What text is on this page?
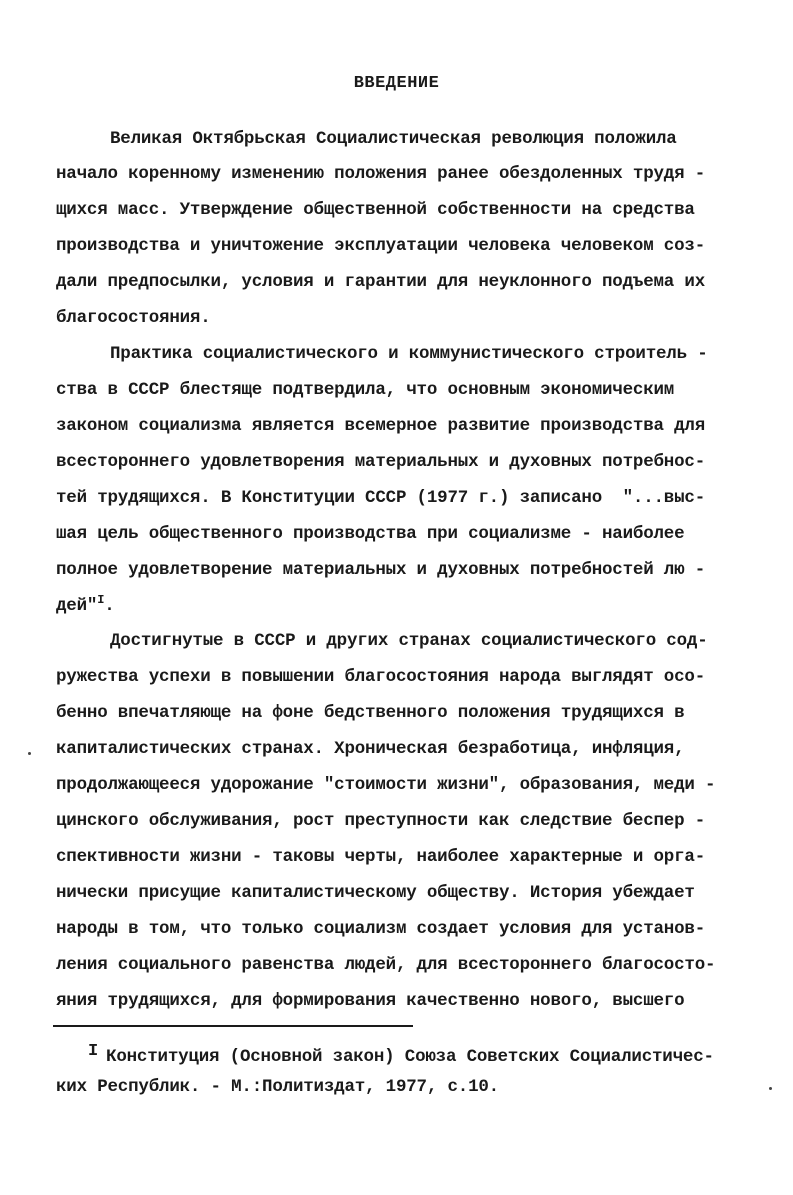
ВВЕДЕНИЕ
Великая Октябрьская Социалистическая революция положила
начало коренному изменению положения ранее обездоленных трудя -
щихся масс. Утверждение общественной собственности на средства
производства и уничтожение эксплуатации человека человеком соз-
дали предпосылки, условия и гарантии для неуклонного подъема их
благосостояния.
Практика социалистического и коммунистического строитель -
ства в СССР блестяще подтвердила, что основным экономическим
законом социализма является всемерное развитие производства для
всестороннего удовлетворения материальных и духовных потребнос-
тей трудящихся. В Конституции СССР (1977 г.) записано  "...выс-
шая цель общественного производства при социализме - наиболее
полное удовлетворение материальных и духовных потребностей лю -
дей"$^I$.
Достигнутые в СССР и других странах социалистического сод-
ружества успехи в повышении благосостояния народа выглядят осо-
бенно впечатляюще на фоне бедственного положения трудящихся в
капиталистических странах. Хроническая безработица, инфляция,
продолжающееся удорожание "стоимости жизни", образования, меди -
цинского обслуживания, рост преступности как следствие беспер -
спективности жизни - таковы черты, наиболее характерные и орга-
нически присущие капиталистическому обществу. История убеждает
народы в том, что только социализм создает условия для установ-
ления социального равенства людей, для всестороннего благососто-
яния трудящихся, для формирования качественно нового, высшего
I Конституция (Основной закон) Союза Советских Социалистичес-
ких Республик. - М.:Политиздат, 1977, с.10.
